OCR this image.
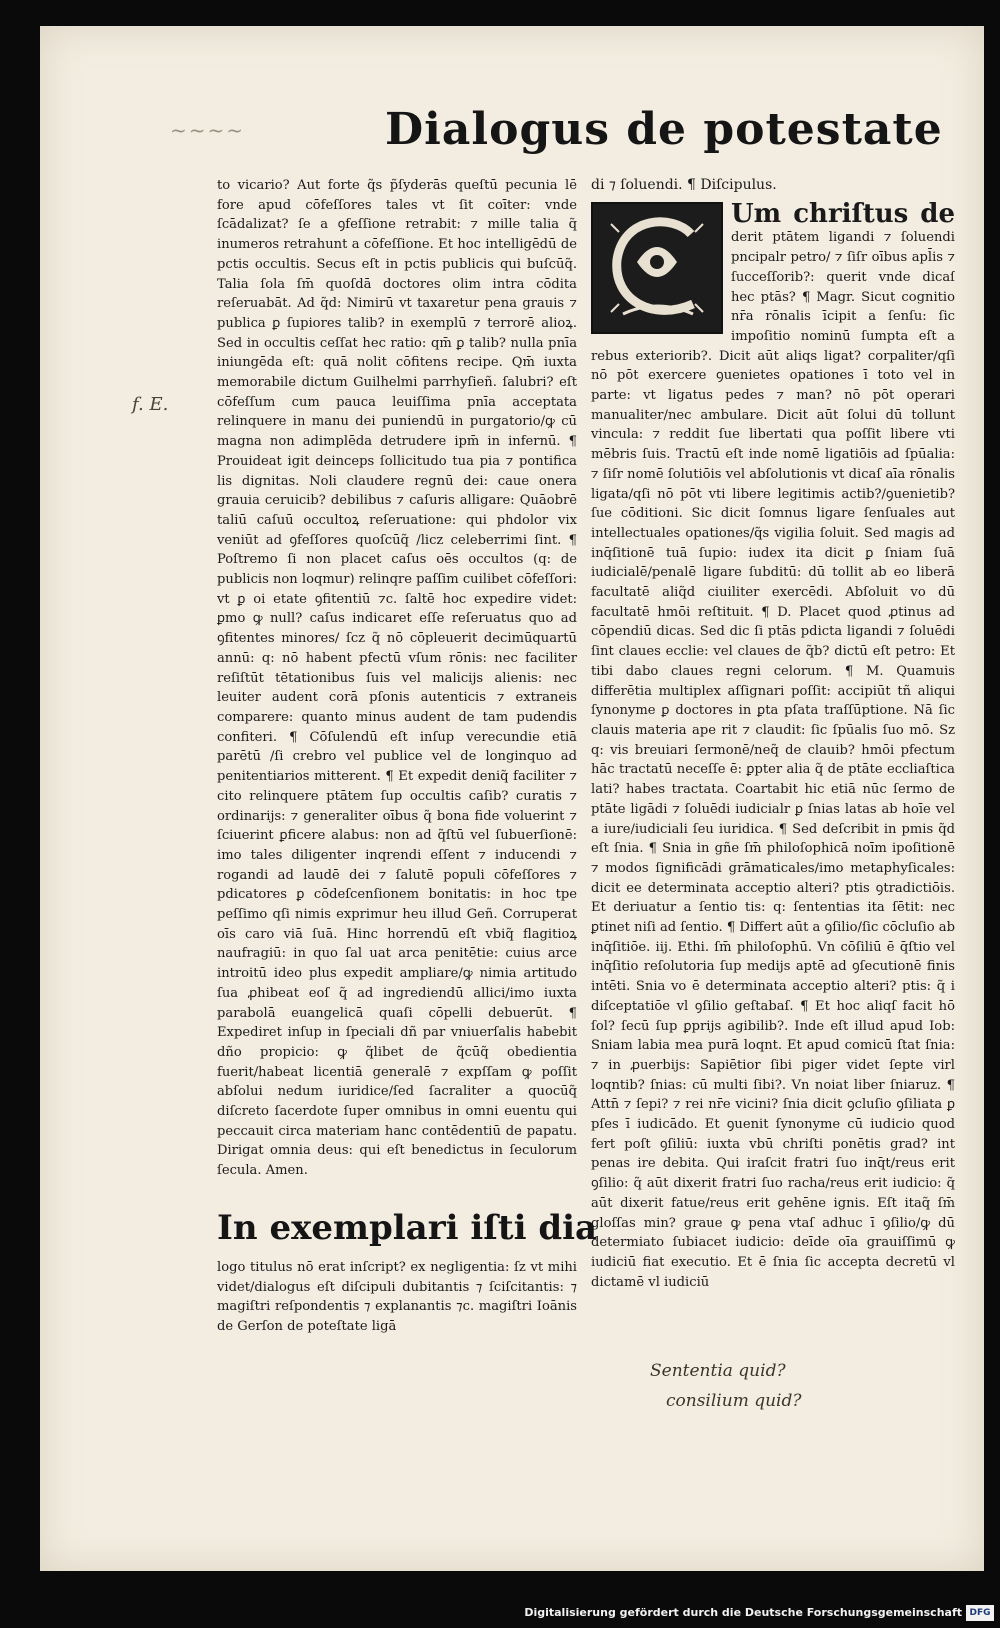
~~~~	Dialogus de potestate
f. E.

to vicario? Aut forte q̃s p̃ſyderās queſtū pecunia lē fore apud cōfeſſores tales vt ſit coīter: vnde ſcādalizat? ſe a ꝯfeſſione retrabit: ⁊ mille talia q̃ inumeros retrahunt a cōfeſſione. Et hoc intelligēdū de pctis occultis. Secus eſt in pctis publicis qui buſcūq̃. Talia ſola ſm̄ quoſdā doctores olim intra cōdita reſeruabāt. Ad q̃d: Nimirū vt taxaretur pena grauis ⁊ publica ꝑ ſupiores talib? in exemplū ⁊ terrorē alioꝝ. Sed in occultis ceſſat hec ratio: qm̄ ꝑ talib? nulla pnīa iniungēda eſt: quā nolit cōfitens recipe. Qm̄ iuxta memorabile dictum Guilhelmi parrhyſieñ. ſalubri? eſt cōfeſſum cum pauca leuiſſima pnīa acceptata relinquere in manu dei puniendū in purgatorio/ꝙ cū magna non adimplēda detrudere ipm̄ in infernū. ¶ Prouideat igit deinceps ſollicitudo tua pia ⁊ pontifica lis dignitas. Noli claudere regnū dei: caue onera grauia ceruicib? debilibus ⁊ caſuris alligare: Quāobrē taliū caſuū occultoꝝ reſeruatione: qui phdolor vix veniūt ad ꝯfeſſores quoſcūq̃ /licz celeberrimi ſint. ¶ Poſtremo ſi non placet caſus oēs occultos (q: de publicis non loqmur) relinqre paſſim cuilibet cōfeſſori: vt ꝑ oi etate ꝯfitentiū ⁊c. ſaltē hoc expedire videt: ꝑmo ꝙ null? caſus indicaret eſſe reſeruatus quo ad ꝯfitentes minores/ ſcz q̃ nō cōpleuerit decimūquartū annū: q: nō habent pfectū vſum rōnis: nec faciliter reſiſtūt tētationibus ſuis vel malicijs alienis: nec leuiter audent corā pſonis autenticis ⁊ extraneis comparere: quanto minus audent de tam pudendis confiteri. ¶ Cōſulendū eſt inſup verecundie etiā parētū /ſi crebro vel publice vel de longinquo ad penitentiarios mitterent. ¶ Et expedit deniq̃ faciliter ⁊ cito relinquere ptātem ſup occultis caſib? curatis ⁊ ordinarijs: ⁊ generaliter oībus q̃ bona fide voluerint ⁊ ſciuerint ꝑficere alabus: non ad q̃ſtū vel ſubuerſionē: imo tales diligenter inqrendi eſſent ⁊ inducendi ⁊ rogandi ad laudē dei ⁊ ſalutē populi cōfeſſores ⁊ pdicatores ꝑ cōdeſcenſionem bonitatis: in hoc tpe peſſimo qſi nimis exprimur heu illud Geñ. Corruperat oīs caro viā ſuā. Hinc horrendū eſt vbiq̃ flagitioꝝ naufragiū: in quo ſal uat arca penitētie: cuius arce introitū ideo plus expedit ampliare/ꝙ nimia artitudo ſua ꝓhibeat eoſ q̃ ad ingrediendū allici/imo iuxta parabolā euangelicā quaſi cōpelli debuerūt. ¶ Expediret inſup in ſpeciali dñ par vniuerſalis habebit dño propicio: ꝙ q̃libet de q̃cūq̃ obedientia fuerit/habeat licentiā generalē ⁊ expſſam ꝙ poſſit abſolui nedum iuridice/ſed ſacraliter a quocūq̃ diſcreto ſacerdote ſuper omnibus in omni euentu qui peccauit circa materiam hanc contēdentiū de papatu. Dirigat omnia deus: qui eſt benedictus in ſeculorum ſecula. Amen.

di ⁊ ſoluendi. ¶ Diſcipulus.

Um chriſtus de derit ptātem ligandi ⁊ ſoluendi pncipalr petro/ ⁊ ſiſr oībus apl̄is ⁊ ſucceſſorib?: querit vnde dicaſ hec ptās? ¶ Magr. Sicut cognitio nr̄a rōnalis īcipit a ſenſu: ſic impoſitio nominū ſumpta eſt a rebus exteriorib?. Dicit aūt aliqs ligat? corpaliter/qſi nō pōt exercere ꝯuenietes opationes ī toto vel in parte: vt ligatus pedes ⁊ man? nō pōt operari manualiter/nec ambulare. Dicit aūt ſolui dū tollunt vincula: ⁊ reddit ſue libertati qua poſſit libere vti mēbris ſuis. Tractū eſt inde nomē ligatiōis ad ſpūalia: ⁊ ſiſr nomē ſolutiōis vel abſolutionis vt dicaſ aīa rōnalis ligata/qſi nō pōt vti libere legitimis actib?/ꝯuenietib? ſue cōditioni. Sic dicit ſomnus ligare ſenſuales aut intellectuales opationes/q̃s vigilia ſoluit. Sed magis ad inq̄ſitionē tuā ſupio: iudex ita dicit ꝑ ſniam ſuā iudicialē/penalē ligare ſubditū: dū tollit ab eo liberā facultatē aliq̃d ciuiliter exercēdi. Abſoluit vo dū facultatē hmōi reſtituit. ¶ D. Placet quod ꝓtinus ad cōpendiū dicas. Sed dic ſi ptās pdicta ligandi ⁊ ſoluēdi ſint claues ecclie: vel claues de q̃b? dictū eſt petro: Et tibi dabo claues regni celorum. ¶ M. Quamuis differētia multiplex aſſignari poſſit: accipiūt tñ aliqui ſynonyme ꝑ doctores in ꝑta pſata traſſūptione. Nā ſic clauis materia ape rit ⁊ claudit: ſic ſpūalis ſuo mō. Sz q: vis breuiari ſermonē/neq̃ de clauib? hmōi pfectum hāc tractatū neceſſe ē: ꝑpter alia q̃ de ptāte eccliaſtica lati? habes tractata. Coartabit hic etiā nūc ſermo de ptāte ligādi ⁊ ſoluēdi iudicialr ꝑ ſnias latas ab hoīe vel a iure/iudiciali ſeu iuridica. ¶ Sed deſcribit in pmis q̃d eſt ſnia. ¶ Snia in gñe ſm̄ philoſophicā noīm ipoſitionē ⁊ modos ſignificādi grāmaticales/imo metaphyſicales: dicit ee determinata acceptio alteri? ptis ꝯtradictiōis. Et deriuatur a ſentio tis: q: ſententias ita ſētit: nec ꝑtinet niſi ad ſentio. ¶ Differt aūt a ꝯſilio/ſic cōcluſio ab inq̄ſitiōe. iij. Ethi. ſm̄ philoſophū. Vn cōſiliū ē q̄ſtio vel inq̄ſitio reſolutoria ſup medijs aptē ad ꝯſecutionē finis intēti. Snia vo ē determinata acceptio alteri? ptis: q̃ i diſceptatiōe vl ꝯſilio geſtabaſ. ¶ Et hoc aliqſ facit hō ſol? ſecū ſup ꝑprijs agibilib?. Inde eſt illud apud Iob: Sniam labia mea purā loqnt. Et apud comicū ſtat ſnia: ⁊ in ꝓuerbijs: Sapiētior ſibi piger videt ſepte virl loqntib? ſnias: cū multi ſibi?. Vn noiat liber ſniaruz. ¶ Attn̄ ⁊ ſepi? ⁊ rei nr̄e vicini? ſnia dicit ꝯcluſio ꝯſiliata ꝑ pſes ī iudicādo. Et ꝯuenit ſynonyme cū iudicio quod fert poſt ꝯſiliū: iuxta vbū chriſti ponētis grad? int penas ire debita. Qui iraſcit fratri ſuo inq̄t/reus erit ꝯſilio: q̃ aūt dixerit fratri ſuo racha/reus erit iudicio: q̃ aūt dixerit fatue/reus erit gehēne ignis. Eſt itaq̃ ſm̄ gloſſas min? graue ꝙ pena vtaſ adhuc ī ꝯſilio/ꝙ dū determiato ſubiacet iudicio: deīde oīa grauiſſimū ꝙ iudiciū fiat executio. Et ē ſnia ſic accepta decretū vl dictamē vl iudiciū

In exemplari iſti dia
logo titulus nō erat inſcript? ex negligentia: ſz vt mihi videt/dialogus eſt diſcipuli dubitantis ⁊ ſciſcitantis: ⁊ magiſtri reſpondentis ⁊ explanantis ⁊c. magiſtri Ioānis de Gerſon de poteſtate ligā
Sententia quid?
consilium quid?
Digitalisierung gefördert durch die Deutsche Forschungsgemeinschaft DFG
